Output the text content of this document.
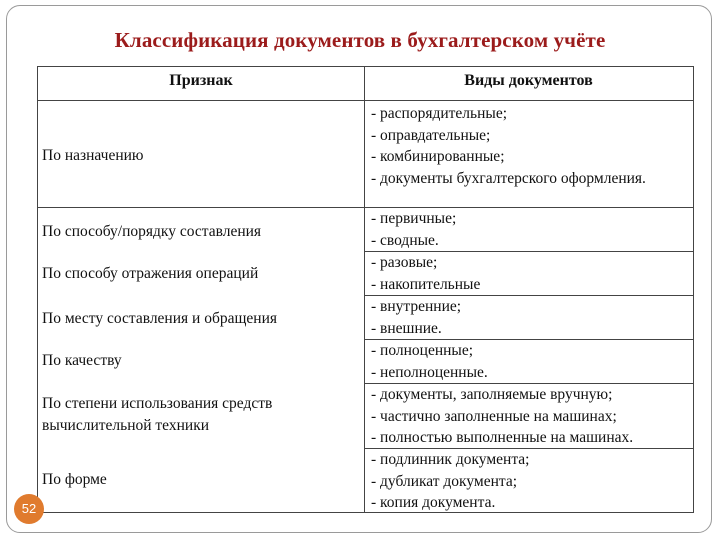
Классификация документов в бухгалтерском учёте
Признак	Виды документов
По назначению
- распорядительные;
- оправдательные;
- комбинированные;
- документы бухгалтерского оформления.
По способу/порядку составления
- первичные;
- сводные.
По способу отражения операций
- разовые;
- накопительные
По месту составления и обращения
- внутренние;
- внешние.
По качеству
- полноценные;
- неполноценные.
По степени использования средств
вычислительной техники
- документы, заполняемые вручную;
- частично заполненные на машинах;
- полностью выполненные на машинах.
По форме
- подлинник документа;
- дубликат документа;
- копия документа.
52
